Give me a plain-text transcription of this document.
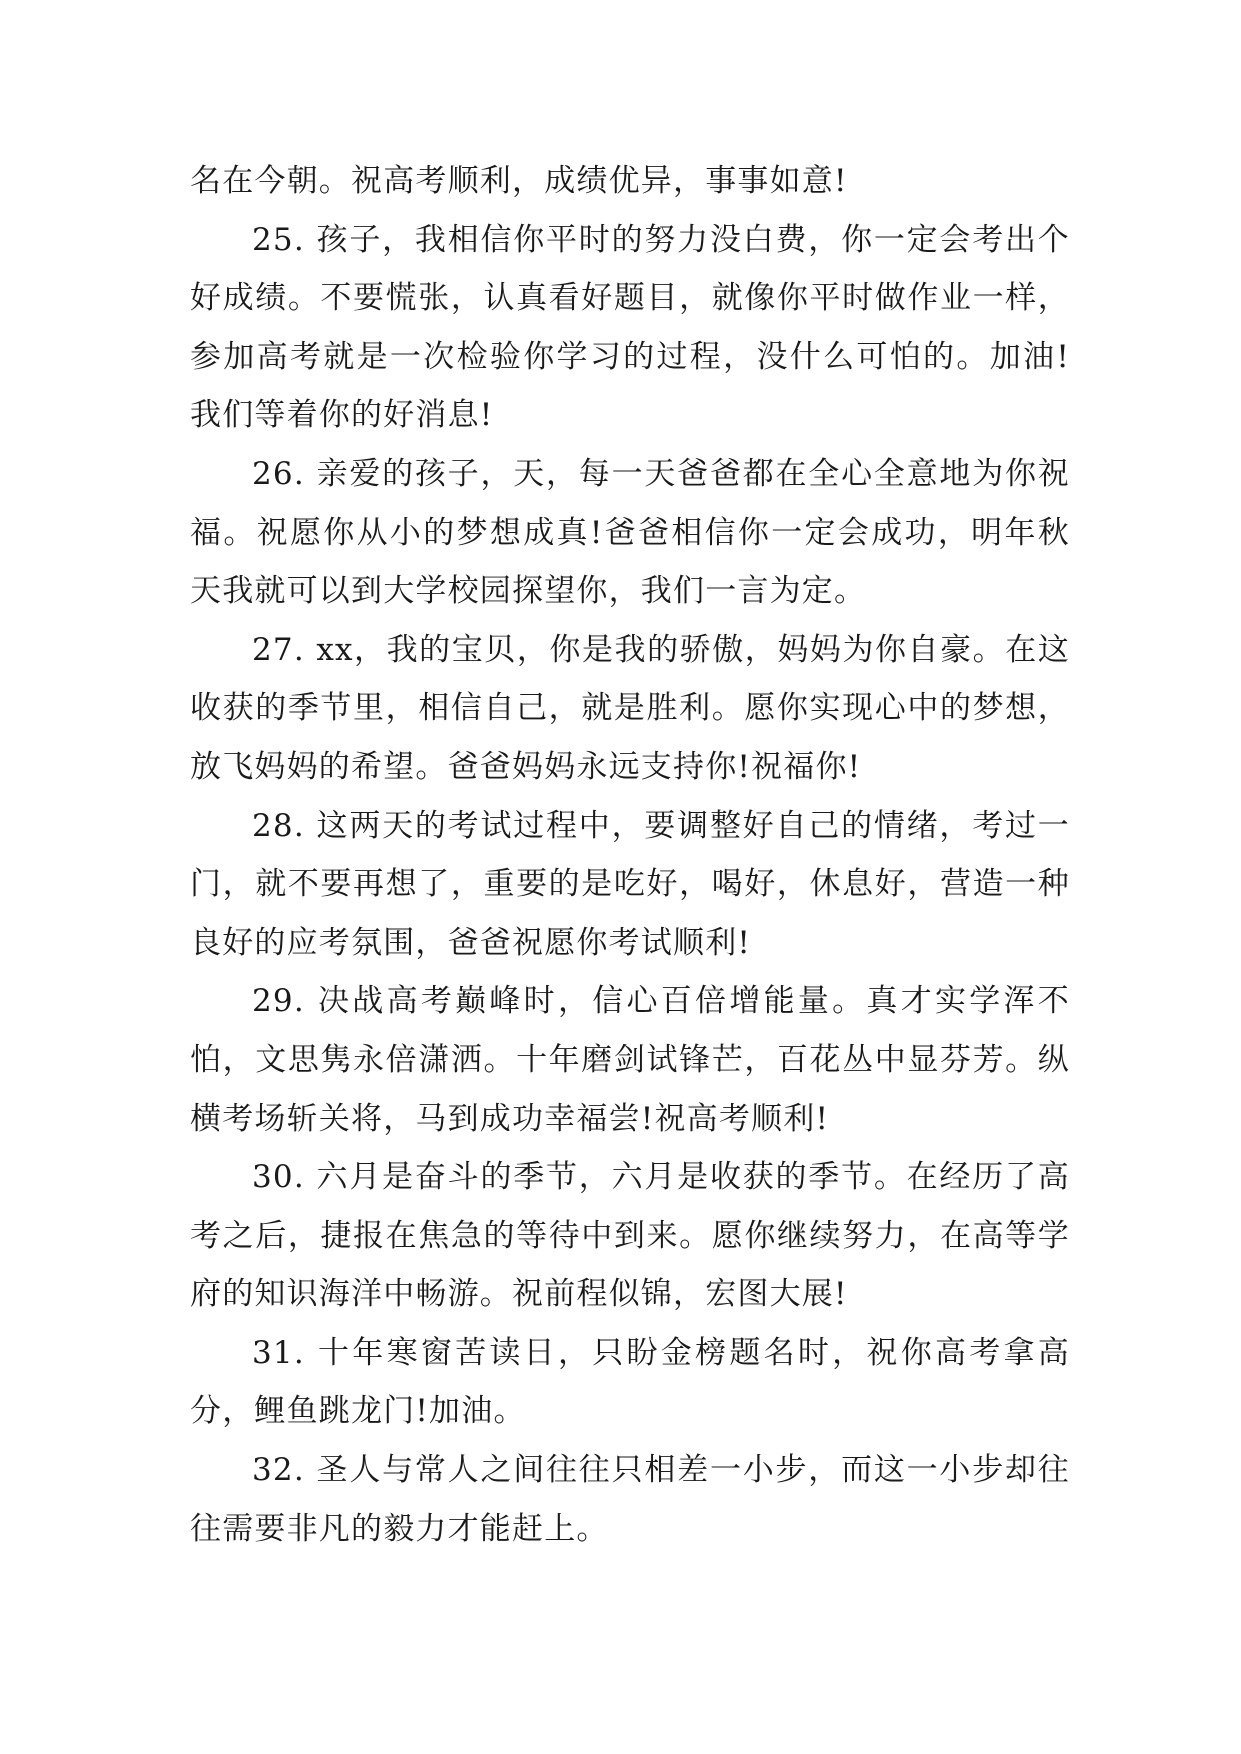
名在今朝。祝高考顺利，成绩优异，事事如意!

25. 孩子，我相信你平时的努力没白费，你一定会考出个好成绩。不要慌张，认真看好题目，就像你平时做作业一样，参加高考就是一次检验你学习的过程，没什么可怕的。加油!我们等着你的好消息!

26. 亲爱的孩子，天，每一天爸爸都在全心全意地为你祝福。祝愿你从小的梦想成真!爸爸相信你一定会成功，明年秋天我就可以到大学校园探望你，我们一言为定。

27. xx，我的宝贝，你是我的骄傲，妈妈为你自豪。在这收获的季节里，相信自己，就是胜利。愿你实现心中的梦想，放飞妈妈的希望。爸爸妈妈永远支持你!祝福你!

28. 这两天的考试过程中，要调整好自己的情绪，考过一门，就不要再想了，重要的是吃好，喝好，休息好，营造一种良好的应考氛围，爸爸祝愿你考试顺利!

29. 决战高考巅峰时，信心百倍增能量。真才实学浑不怕，文思隽永倍潇洒。十年磨剑试锋芒，百花丛中显芬芳。纵横考场斩关将，马到成功幸福尝!祝高考顺利!

30. 六月是奋斗的季节，六月是收获的季节。在经历了高考之后，捷报在焦急的等待中到来。愿你继续努力，在高等学府的知识海洋中畅游。祝前程似锦，宏图大展!

31. 十年寒窗苦读日，只盼金榜题名时，祝你高考拿高分，鲤鱼跳龙门!加油。

32. 圣人与常人之间往往只相差一小步，而这一小步却往往需要非凡的毅力才能赶上。
